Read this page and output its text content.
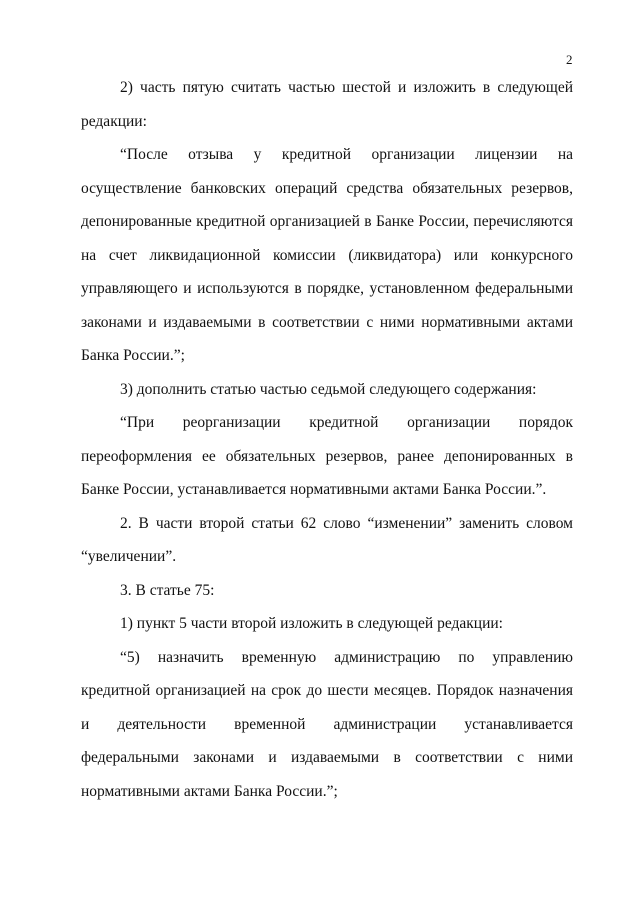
2

2) часть пятую считать частью шестой и изложить в следующей редакции:

“После отзыва у кредитной организации лицензии на осуществление банковских операций средства обязательных резервов, депонированные кредитной организацией в Банке России, перечисляются на счет ликвидационной комиссии (ликвидатора) или конкурсного управляющего и используются в порядке, установленном федеральными законами и издаваемыми в соответствии с ними нормативными актами Банка России.”;

3) дополнить статью частью седьмой следующего содержания:

“При реорганизации кредитной организации порядок переоформления ее обязательных резервов, ранее депонированных в Банке России, устанавливается нормативными актами Банка России.”.

2. В части второй статьи 62 слово “изменении” заменить словом “увеличении”.

3. В статье 75:

1) пункт 5 части второй изложить в следующей редакции:

“5) назначить временную администрацию по управлению кредитной организацией на срок до шести месяцев. Порядок назначения и деятельности временной администрации устанавливается федеральными законами и издаваемыми в соответствии с ними нормативными актами Банка России.”;
